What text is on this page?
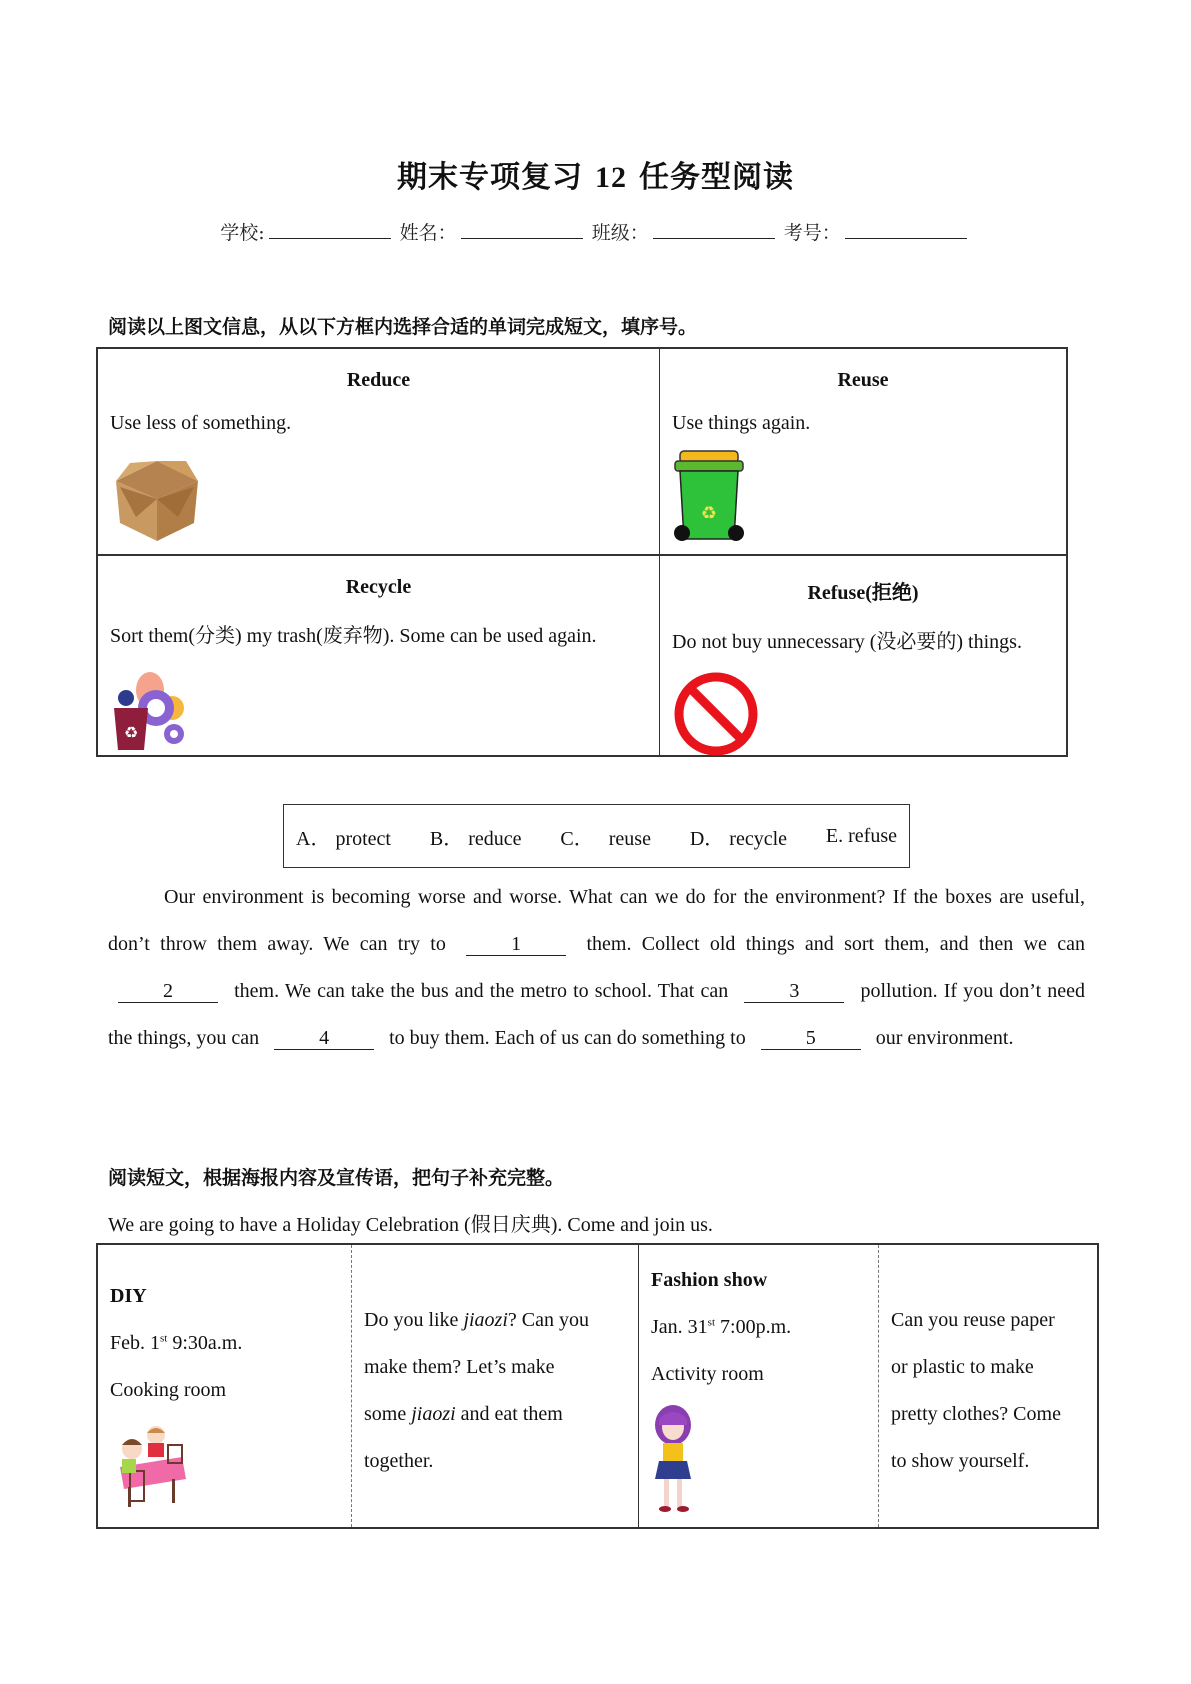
期末专项复习 12 任务型阅读
学校:	姓名：	班级：	考号：
阅读以上图文信息，从以下方框内选择合适的单词完成短文，填序号。
Reduce

Use less of something.

Reuse

Use things again.

♻
Recycle

Sort them(分类) my trash(废弃物). Some can be used again.

♻
Refuse(拒绝)

Do not buy unnecessary (没必要的) things.

A． protect B． reduce C． reuse D． recycle E. refuse
Our environment is becoming worse and worse. What can we do for the environment? If the boxes are useful, don’t throw them away. We can try to	1	them. Collect old things and sort them, and then we can 2	them. We can take the bus and the metro to school. That can	3	pollution. If you don’t need the things, you can	4	to buy them. Each of us can do something to	5	our environment.
阅读短文，根据海报内容及宣传语，把句子补充完整。
We are going to have a Holiday Celebration (假日庆典). Come and join us.
DIY
Feb. 1st 9:30a.m.
Cooking room
Do you like jiaozi? Can you
make them? Let’s make
some jiaozi and eat them
together.
Fashion show
Jan. 31st 7:00p.m.
Activity room
Can you reuse paper
or plastic to make
pretty clothes? Come
to show yourself.
